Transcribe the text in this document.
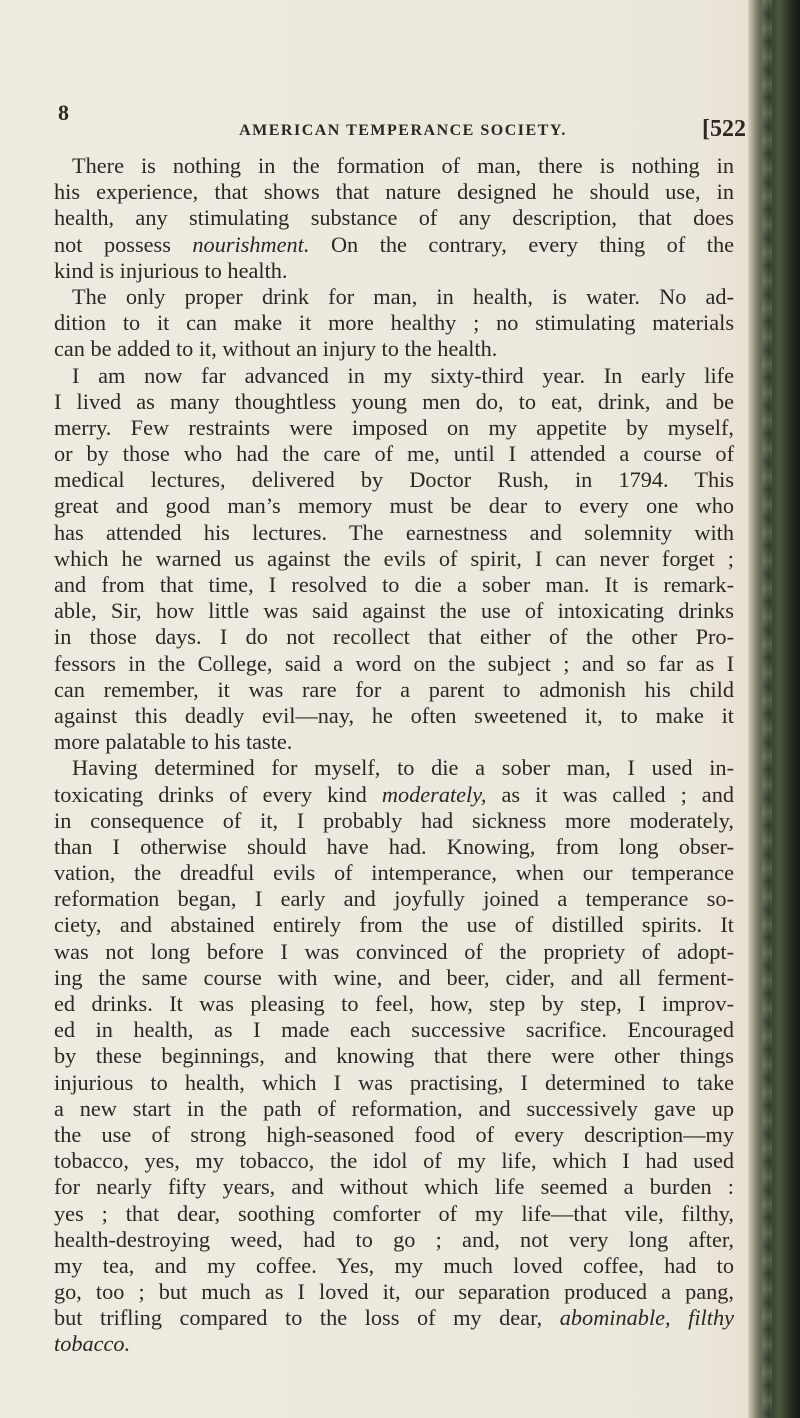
8
AMERICAN TEMPERANCE SOCIETY.	[522
There is nothing in the formation of man, there is nothing in
his experience, that shows that nature designed he should use, in
health, any stimulating substance of any description, that does
not possess nourishment. On the contrary, every thing of the
kind is injurious to health.
The only proper drink for man, in health, is water. No ad-
dition to it can make it more healthy ; no stimulating materials
can be added to it, without an injury to the health.
I am now far advanced in my sixty-third year. In early life
I lived as many thoughtless young men do, to eat, drink, and be
merry. Few restraints were imposed on my appetite by myself,
or by those who had the care of me, until I attended a course of
medical lectures, delivered by Doctor Rush, in 1794. This
great and good man’s memory must be dear to every one who
has attended his lectures. The earnestness and solemnity with
which he warned us against the evils of spirit, I can never forget ;
and from that time, I resolved to die a sober man. It is remark-
able, Sir, how little was said against the use of intoxicating drinks
in those days. I do not recollect that either of the other Pro-
fessors in the College, said a word on the subject ; and so far as I
can remember, it was rare for a parent to admonish his child
against this deadly evil—nay, he often sweetened it, to make it
more palatable to his taste.
Having determined for myself, to die a sober man, I used in-
toxicating drinks of every kind moderately, as it was called ; and
in consequence of it, I probably had sickness more moderately,
than I otherwise should have had. Knowing, from long obser-
vation, the dreadful evils of intemperance, when our temperance
reformation began, I early and joyfully joined a temperance so-
ciety, and abstained entirely from the use of distilled spirits. It
was not long before I was convinced of the propriety of adopt-
ing the same course with wine, and beer, cider, and all ferment-
ed drinks. It was pleasing to feel, how, step by step, I improv-
ed in health, as I made each successive sacrifice. Encouraged
by these beginnings, and knowing that there were other things
injurious to health, which I was practising, I determined to take
a new start in the path of reformation, and successively gave up
the use of strong high-seasoned food of every description—my
tobacco, yes, my tobacco, the idol of my life, which I had used
for nearly fifty years, and without which life seemed a burden :
yes ; that dear, soothing comforter of my life—that vile, filthy,
health-destroying weed, had to go ; and, not very long after,
my tea, and my coffee. Yes, my much loved coffee, had to
go, too ; but much as I loved it, our separation produced a pang,
but trifling compared to the loss of my dear, abominable, filthy
tobacco.
